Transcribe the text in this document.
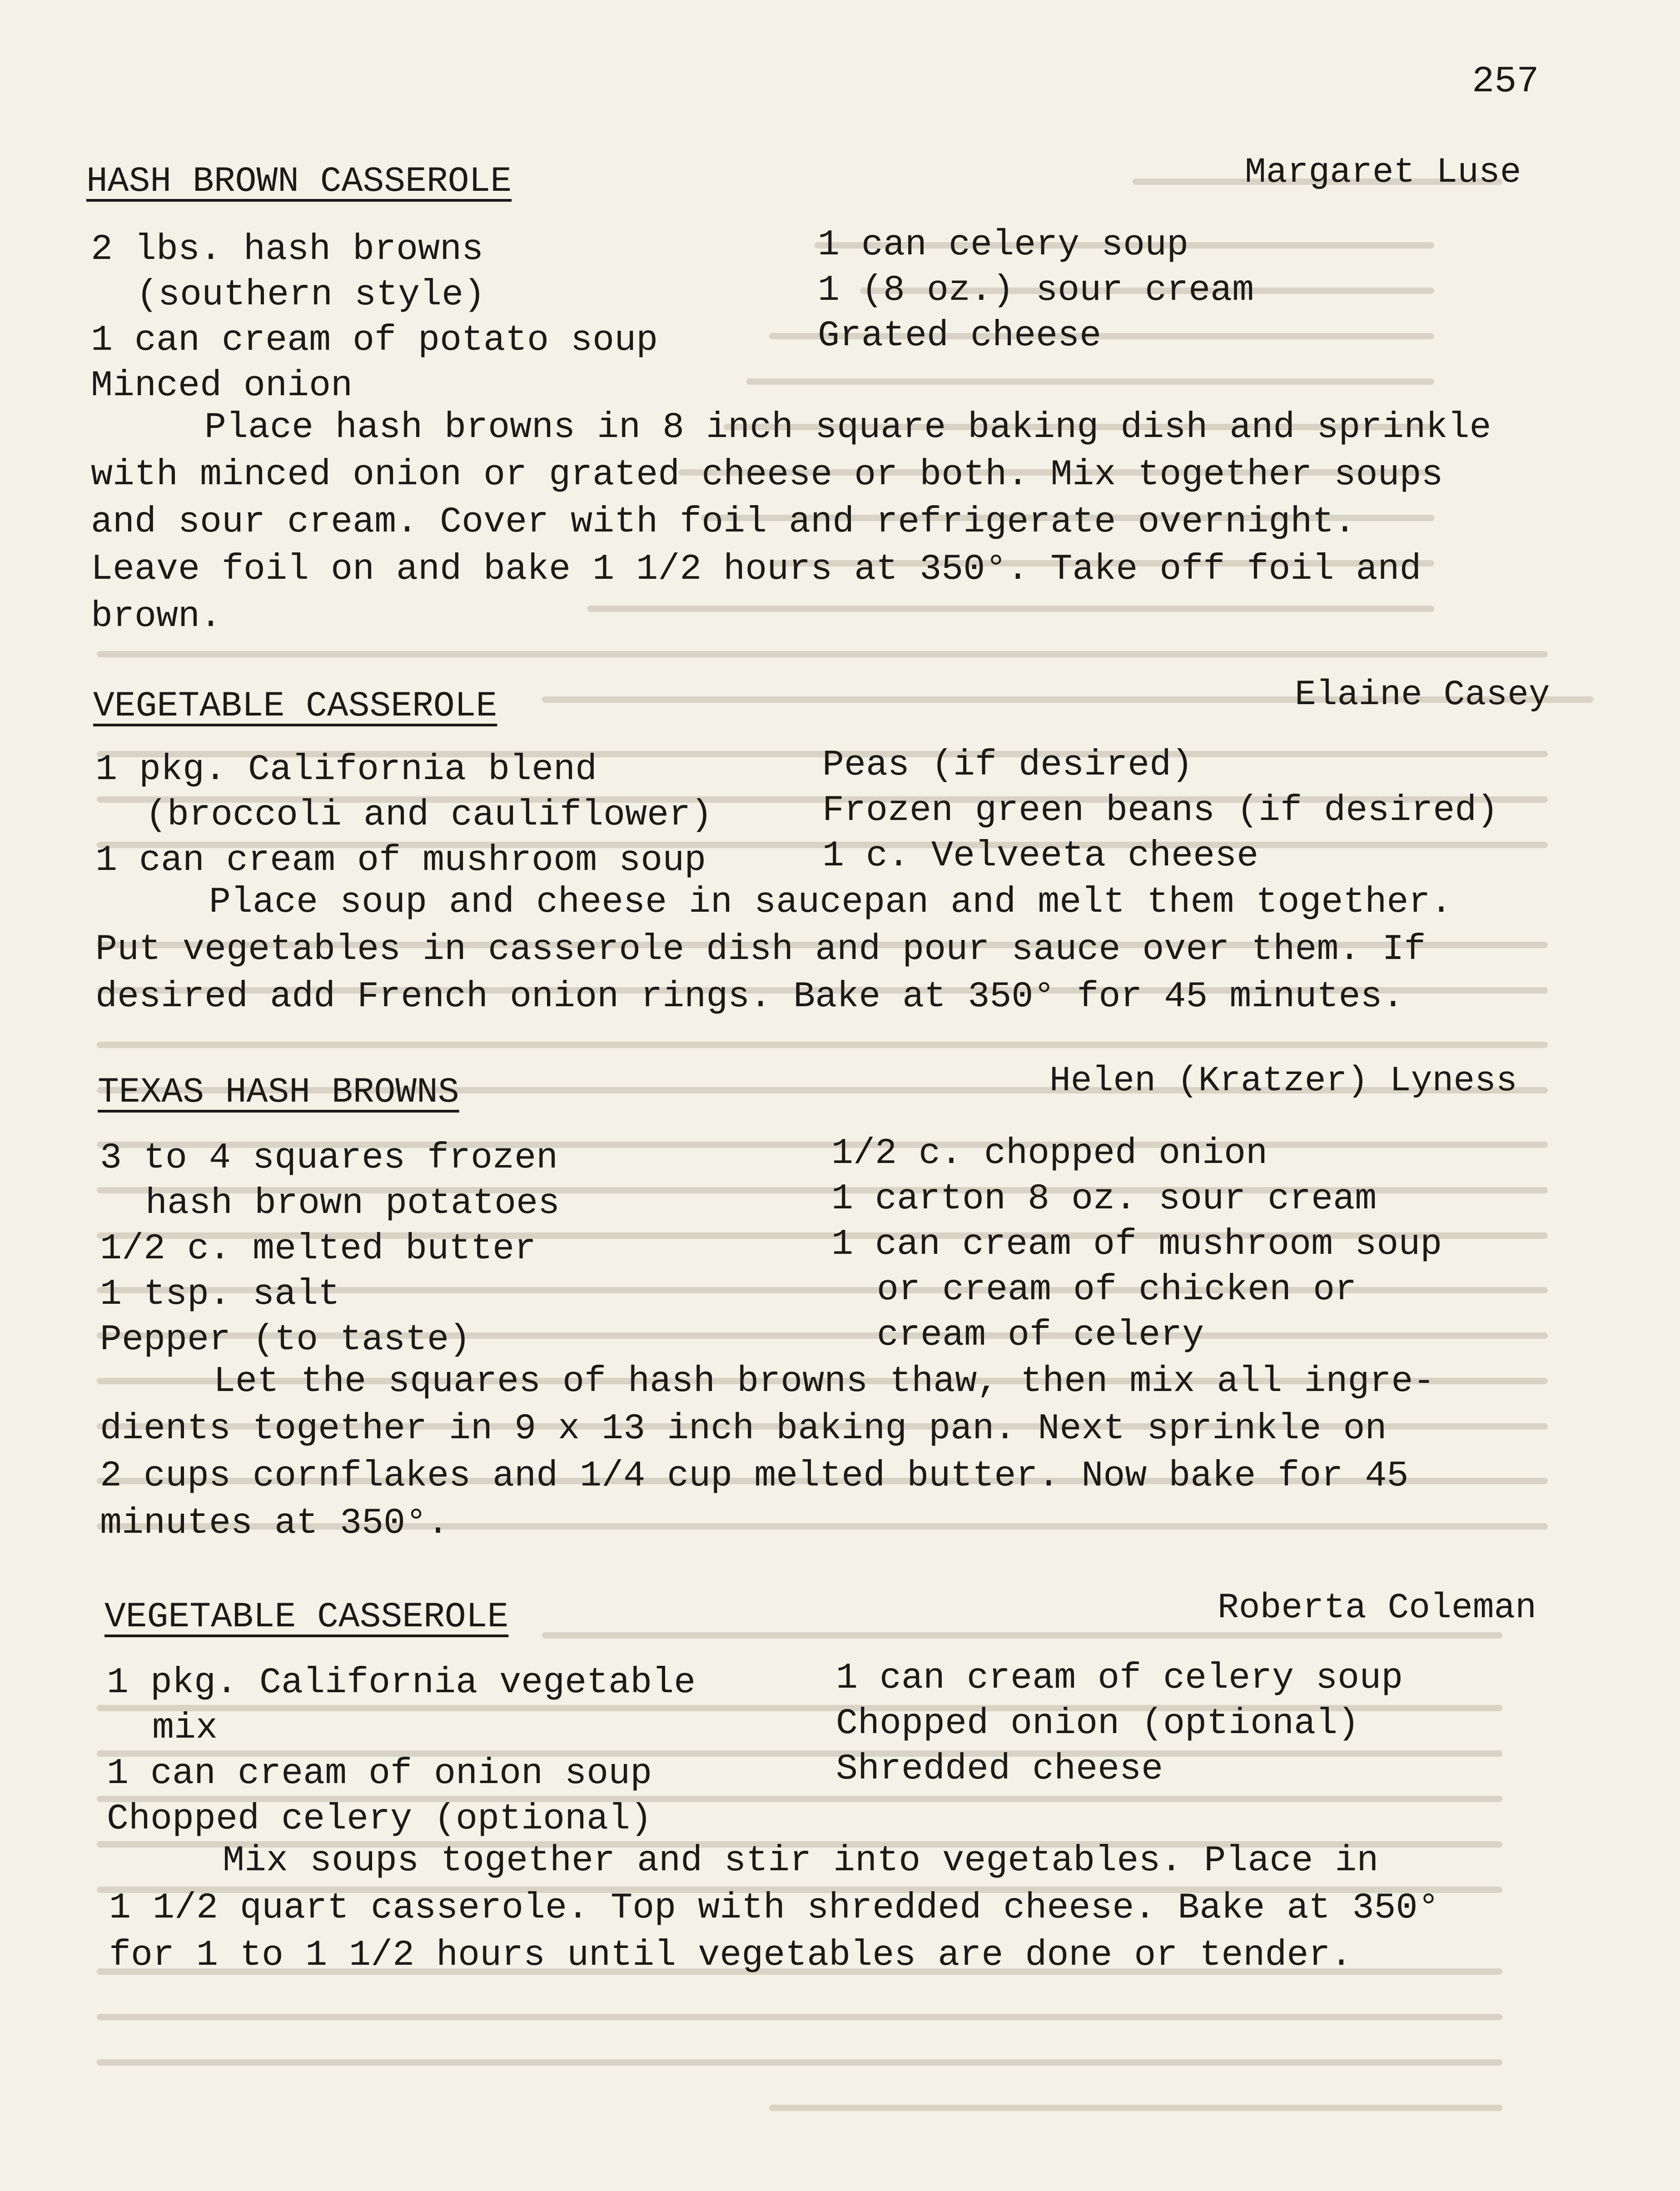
257
HASH BROWN CASSEROLE	Margaret Luse
2 lbs. hash browns
(southern style)
1 can cream of potato soup
Minced onion
1 can celery soup
1 (8 oz.) sour cream
Grated cheese
Place hash browns in 8 inch square baking dish and sprinkle
with minced onion or grated cheese or both. Mix together soups
and sour cream. Cover with foil and refrigerate overnight.
Leave foil on and bake 1 1/2 hours at 350°. Take off foil and
brown.
VEGETABLE CASSEROLE	Elaine Casey
1 pkg. California blend
(broccoli and cauliflower)
1 can cream of mushroom soup
Peas (if desired)
Frozen green beans (if desired)
1 c. Velveeta cheese
Place soup and cheese in saucepan and melt them together.
Put vegetables in casserole dish and pour sauce over them. If
desired add French onion rings. Bake at 350° for 45 minutes.
TEXAS HASH BROWNS	Helen (Kratzer) Lyness
3 to 4 squares frozen
hash brown potatoes
1/2 c. melted butter
1 tsp. salt
Pepper (to taste)
1/2 c. chopped onion
1 carton 8 oz. sour cream
1 can cream of mushroom soup
or cream of chicken or
cream of celery
Let the squares of hash browns thaw, then mix all ingre-
dients together in 9 x 13 inch baking pan. Next sprinkle on
2 cups cornflakes and 1/4 cup melted butter. Now bake for 45
minutes at 350°.
VEGETABLE CASSEROLE	Roberta Coleman
1 pkg. California vegetable
mix
1 can cream of onion soup
Chopped celery (optional)
1 can cream of celery soup
Chopped onion (optional)
Shredded cheese
Mix soups together and stir into vegetables. Place in
1 1/2 quart casserole. Top with shredded cheese. Bake at 350°
for 1 to 1 1/2 hours until vegetables are done or tender.
